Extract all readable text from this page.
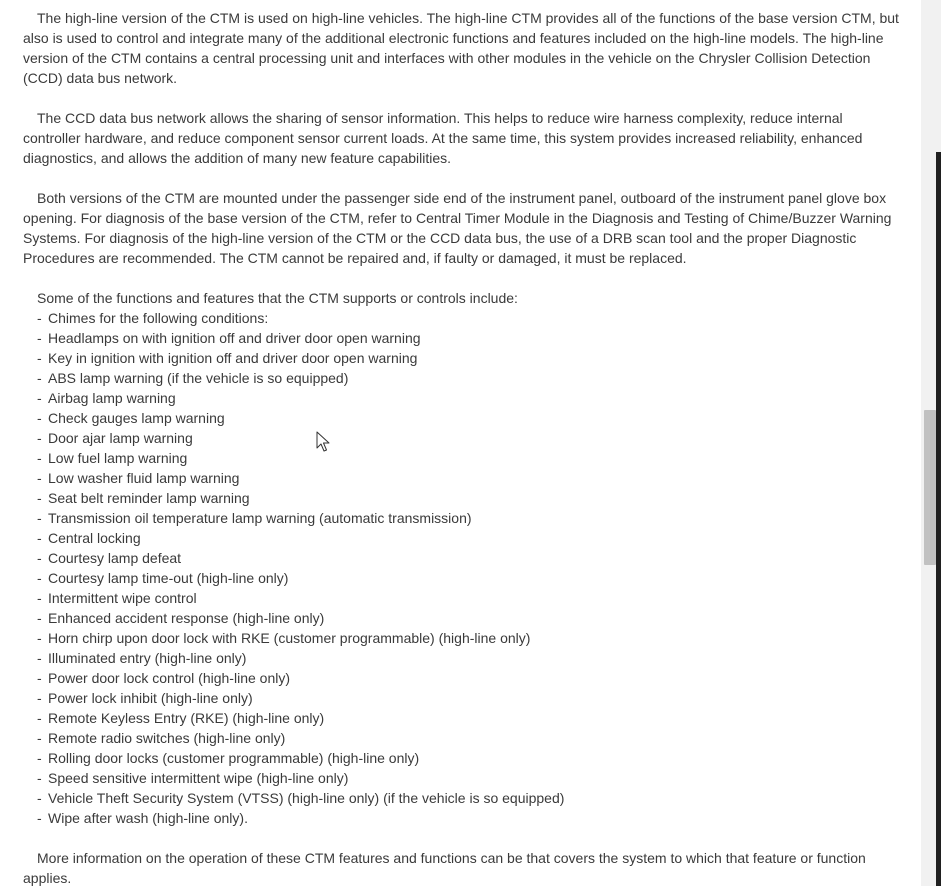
The high-line version of the CTM is used on high-line vehicles. The high-line CTM provides all of the functions of the base version CTM, but also is used to control and integrate many of the additional electronic functions and features included on the high-line models. The high-line version of the CTM contains a central processing unit and interfaces with other modules in the vehicle on the Chrysler Collision Detection (CCD) data bus network.

The CCD data bus network allows the sharing of sensor information. This helps to reduce wire harness complexity, reduce internal controller hardware, and reduce component sensor current loads. At the same time, this system provides increased reliability, enhanced diagnostics, and allows the addition of many new feature capabilities.

Both versions of the CTM are mounted under the passenger side end of the instrument panel, outboard of the instrument panel glove box opening. For diagnosis of the base version of the CTM, refer to Central Timer Module in the Diagnosis and Testing of Chime/Buzzer Warning Systems. For diagnosis of the high-line version of the CTM or the CCD data bus, the use of a DRB scan tool and the proper Diagnostic Procedures are recommended. The CTM cannot be repaired and, if faulty or damaged, it must be replaced.

Some of the functions and features that the CTM supports or controls include:
- Chimes for the following conditions:
- Headlamps on with ignition off and driver door open warning
- Key in ignition with ignition off and driver door open warning
- ABS lamp warning (if the vehicle is so equipped)
- Airbag lamp warning
- Check gauges lamp warning
- Door ajar lamp warning
- Low fuel lamp warning
- Low washer fluid lamp warning
- Seat belt reminder lamp warning
- Transmission oil temperature lamp warning (automatic transmission)
- Central locking
- Courtesy lamp defeat
- Courtesy lamp time-out (high-line only)
- Intermittent wipe control
- Enhanced accident response (high-line only)
- Horn chirp upon door lock with RKE (customer programmable) (high-line only)
- Illuminated entry (high-line only)
- Power door lock control (high-line only)
- Power lock inhibit (high-line only)
- Remote Keyless Entry (RKE) (high-line only)
- Remote radio switches (high-line only)
- Rolling door locks (customer programmable) (high-line only)
- Speed sensitive intermittent wipe (high-line only)
- Vehicle Theft Security System (VTSS) (high-line only) (if the vehicle is so equipped)
- Wipe after wash (high-line only).

More information on the operation of these CTM features and functions can be that covers the system to which that feature or function applies.
